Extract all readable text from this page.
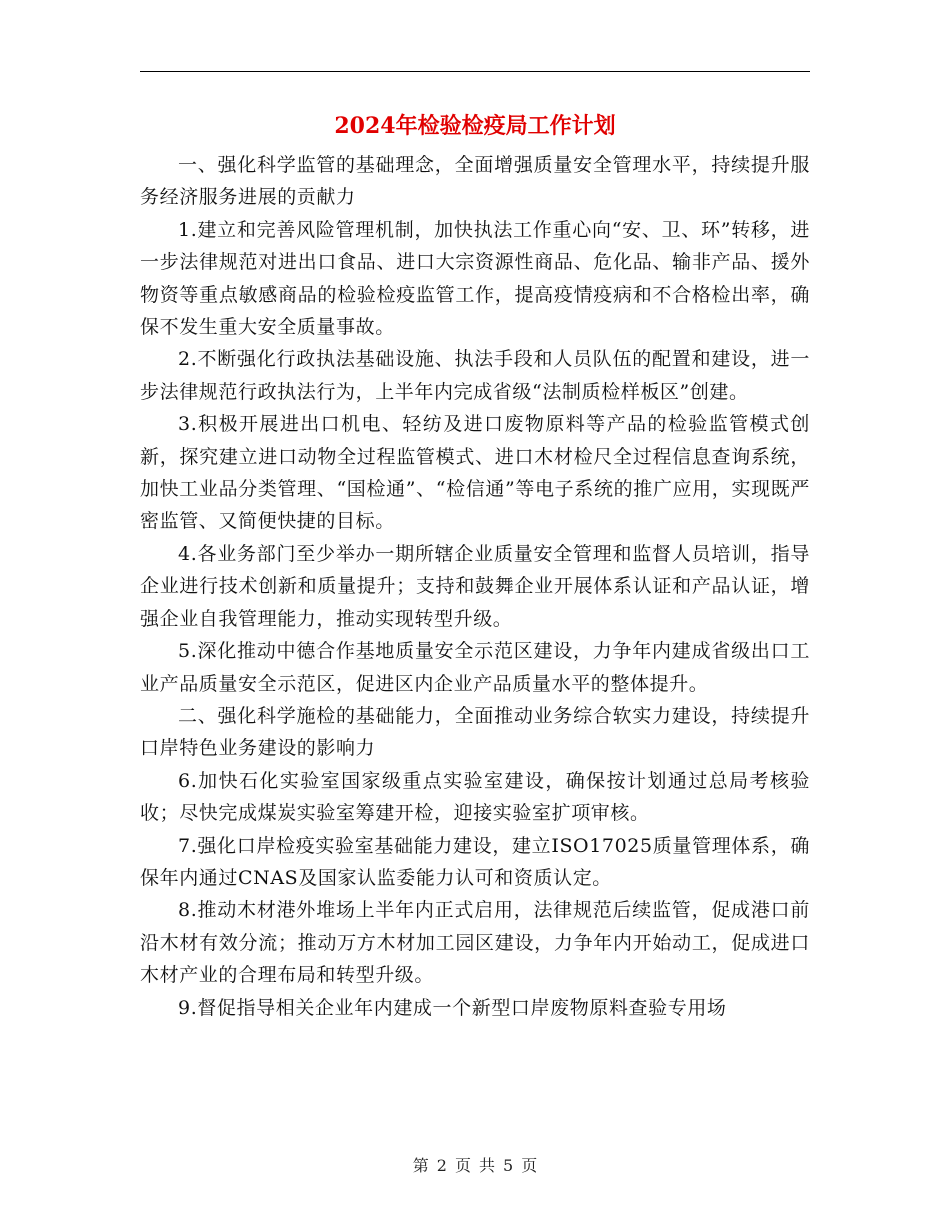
2024年检验检疫局工作计划

一、强化科学监管的基础理念，全面增强质量安全管理水平，持续提升服务经济服务进展的贡献力

1.建立和完善风险管理机制，加快执法工作重心向“安、卫、环”转移，进一步法律规范对进出口食品、进口大宗资源性商品、危化品、输非产品、援外物资等重点敏感商品的检验检疫监管工作，提高疫情疫病和不合格检出率，确保不发生重大安全质量事故。

2.不断强化行政执法基础设施、执法手段和人员队伍的配置和建设，进一步法律规范行政执法行为，上半年内完成省级“法制质检样板区”创建。

3.积极开展进出口机电、轻纺及进口废物原料等产品的检验监管模式创新，探究建立进口动物全过程监管模式、进口木材检尺全过程信息查询系统，加快工业品分类管理、“国检通”、“检信通”等电子系统的推广应用，实现既严密监管、又简便快捷的目标。

4.各业务部门至少举办一期所辖企业质量安全管理和监督人员培训，指导企业进行技术创新和质量提升；支持和鼓舞企业开展体系认证和产品认证，增强企业自我管理能力，推动实现转型升级。

5.深化推动中德合作基地质量安全示范区建设，力争年内建成省级出口工业产品质量安全示范区，促进区内企业产品质量水平的整体提升。

二、强化科学施检的基础能力，全面推动业务综合软实力建设，持续提升口岸特色业务建设的影响力

6.加快石化实验室国家级重点实验室建设，确保按计划通过总局考核验收；尽快完成煤炭实验室筹建开检，迎接实验室扩项审核。

7.强化口岸检疫实验室基础能力建设，建立ISO17025质量管理体系，确保年内通过CNAS及国家认监委能力认可和资质认定。

8.推动木材港外堆场上半年内正式启用，法律规范后续监管，促成港口前沿木材有效分流；推动万方木材加工园区建设，力争年内开始动工，促成进口木材产业的合理布局和转型升级。

9.督促指导相关企业年内建成一个新型口岸废物原料查验专用场

第 2 页 共 5 页
